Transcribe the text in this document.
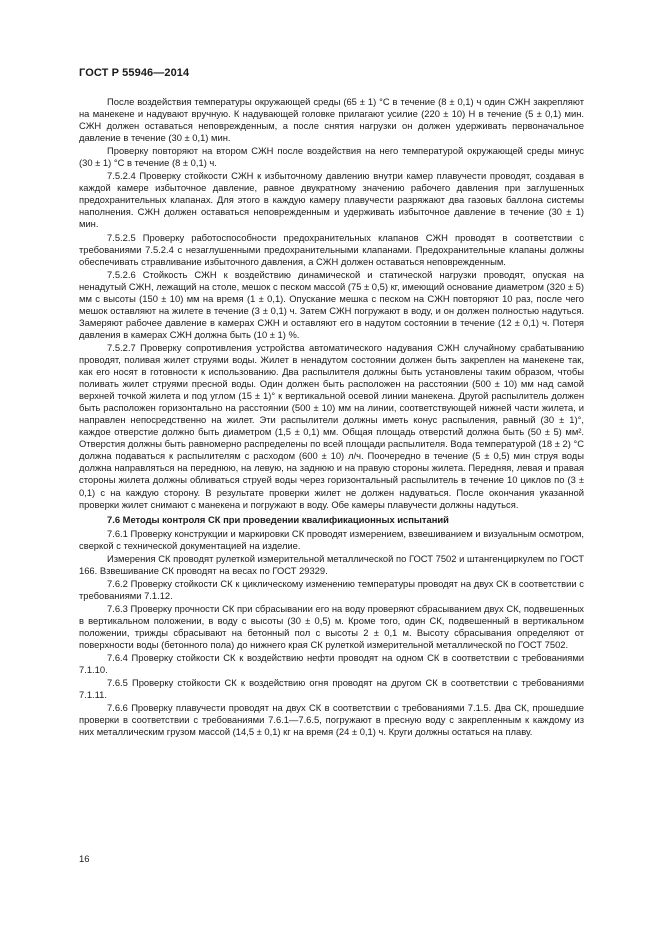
ГОСТ Р 55946—2014

После воздействия температуры окружающей среды (65 ± 1) °С в течение (8 ± 0,1) ч один СЖН закрепляют на манекене и надувают вручную. К надувающей головке прилагают усилие (220 ± 10) Н в течение (5 ± 0,1) мин. СЖН должен оставаться неповрежденным, а после снятия нагрузки он должен удерживать первоначальное давление в течение (30 ± 0,1) мин.

Проверку повторяют на втором СЖН после воздействия на него температурой окружающей среды минус (30 ± 1) °С в течение (8 ± 0,1) ч.

7.5.2.4 Проверку стойкости СЖН к избыточному давлению внутри камер плавучести проводят, создавая в каждой камере избыточное давление, равное двукратному значению рабочего давления при заглушенных предохранительных клапанах. Для этого в каждую камеру плавучести разряжают два газовых баллона системы наполнения. СЖН должен оставаться неповрежденным и удерживать избыточное давление в течение (30 ± 1) мин.

7.5.2.5 Проверку работоспособности предохранительных клапанов СЖН проводят в соответствии с требованиями 7.5.2.4 с незаглушенными предохранительными клапанами. Предохранительные клапаны должны обеспечивать стравливание избыточного давления, а СЖН должен оставаться неповрежденным.

7.5.2.6 Стойкость СЖН к воздействию динамической и статической нагрузки проводят, опуская на ненадутый СЖН, лежащий на столе, мешок с песком массой (75 ± 0,5) кг, имеющий основание диаметром (320 ± 5) мм с высоты (150 ± 10) мм на время (1 ± 0,1). Опускание мешка с песком на СЖН повторяют 10 раз, после чего мешок оставляют на жилете в течение (3 ± 0,1) ч. Затем СЖН погружают в воду, и он должен полностью надуться. Замеряют рабочее давление в камерах СЖН и оставляют его в надутом состоянии в течение (12 ± 0,1) ч. Потеря давления в камерах СЖН должна быть (10 ± 1) %.

7.5.2.7 Проверку сопротивления устройства автоматического надувания СЖН случайному срабатыванию проводят, поливая жилет струями воды. Жилет в ненадутом состоянии должен быть закреплен на манекене так, как его носят в готовности к использованию. Два распылителя должны быть установлены таким образом, чтобы поливать жилет струями пресной воды. Один должен быть расположен на расстоянии (500 ± 10) мм над самой верхней точкой жилета и под углом (15 ± 1)° к вертикальной осевой линии манекена. Другой распылитель должен быть расположен горизонтально на расстоянии (500 ± 10) мм на линии, соответствующей нижней части жилета, и направлен непосредственно на жилет. Эти распылители должны иметь конус распыления, равный (30 ± 1)°, каждое отверстие должно быть диаметром (1,5 ± 0,1) мм. Общая площадь отверстий должна быть (50 ± 5) мм². Отверстия должны быть равномерно распределены по всей площади распылителя. Вода температурой (18 ± 2) °С должна подаваться к распылителям с расходом (600 ± 10) л/ч. Поочередно в течение (5 ± 0,5) мин струя воды должна направляться на переднюю, на левую, на заднюю и на правую стороны жилета. Передняя, левая и правая стороны жилета должны обливаться струей воды через горизонтальный распылитель в течение 10 циклов по (3 ± 0,1) с на каждую сторону. В результате проверки жилет не должен надуваться. После окончания указанной проверки жилет снимают с манекена и погружают в воду. Обе камеры плавучести должны надуться.

7.6 Методы контроля СК при проведении квалификационных испытаний

7.6.1 Проверку конструкции и маркировки СК проводят измерением, взвешиванием и визуальным осмотром, сверкой с технической документацией на изделие.

Измерения СК проводят рулеткой измерительной металлической по ГОСТ 7502 и штангенциркулем по ГОСТ 166. Взвешивание СК проводят на весах по ГОСТ 29329.

7.6.2 Проверку стойкости СК к циклическому изменению температуры проводят на двух СК в соответствии с требованиями 7.1.12.

7.6.3 Проверку прочности СК при сбрасывании его на воду проверяют сбрасыванием двух СК, подвешенных в вертикальном положении, в воду с высоты (30 ± 0,5) м. Кроме того, один СК, подвешенный в вертикальном положении, трижды сбрасывают на бетонный пол с высоты 2 ± 0,1 м. Высоту сбрасывания определяют от поверхности воды (бетонного пола) до нижнего края СК рулеткой измерительной металлической по ГОСТ 7502.

7.6.4 Проверку стойкости СК к воздействию нефти проводят на одном СК в соответствии с требованиями 7.1.10.

7.6.5 Проверку стойкости СК к воздействию огня проводят на другом СК в соответствии с требованиями 7.1.11.

7.6.6 Проверку плавучести проводят на двух СК в соответствии с требованиями 7.1.5. Два СК, прошедшие проверки в соответствии с требованиями 7.6.1—7.6.5, погружают в пресную воду с закрепленным к каждому из них металлическим грузом массой (14,5 ± 0,1) кг на время (24 ± 0,1) ч. Круги должны остаться на плаву.

16
